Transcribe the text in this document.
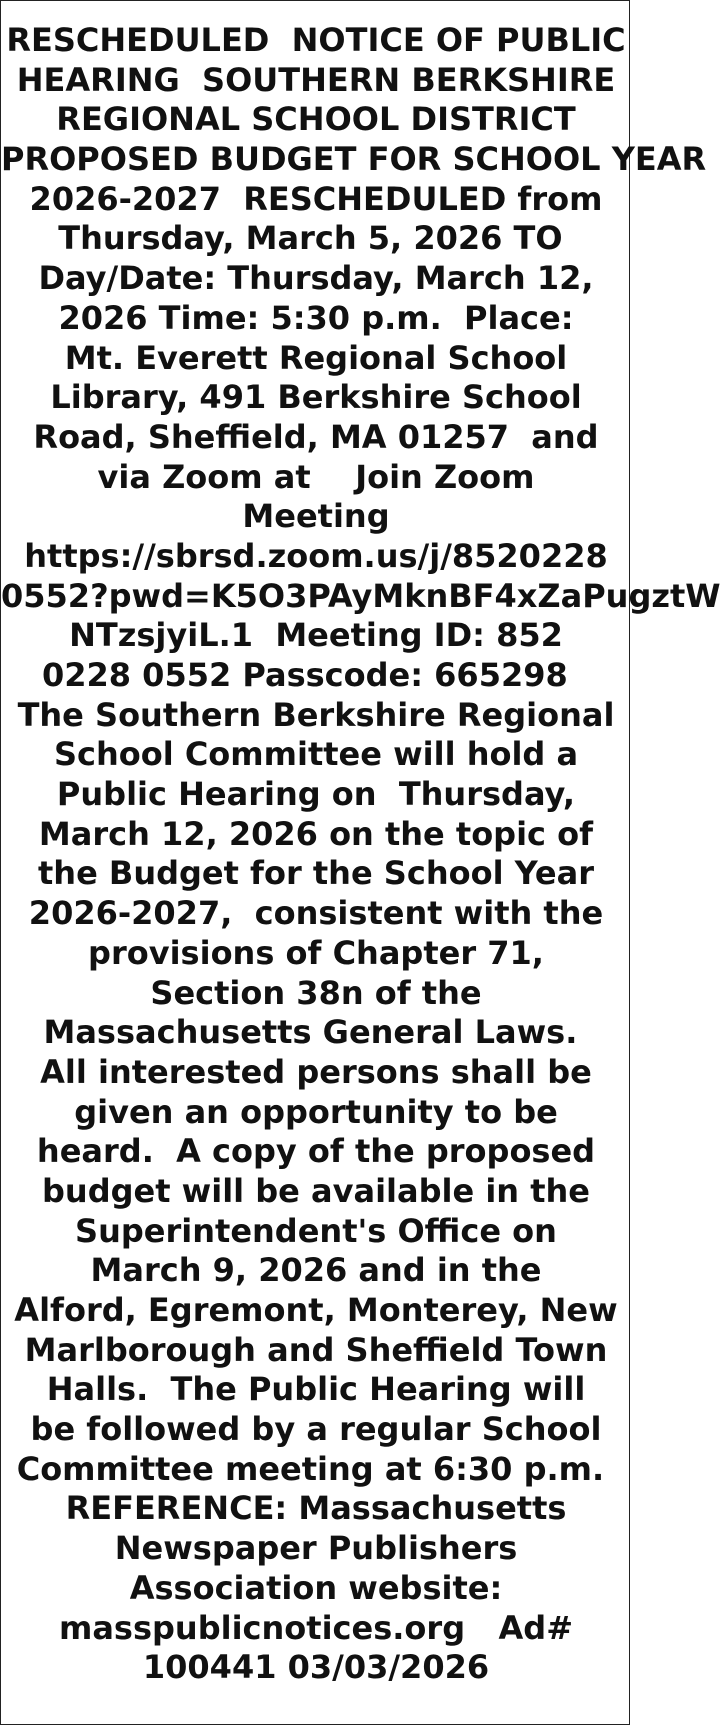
RESCHEDULED  NOTICE OF PUBLIC
HEARING  SOUTHERN BERKSHIRE
REGIONAL SCHOOL DISTRICT
PROPOSED BUDGET FOR SCHOOL YEAR
2026-2027  RESCHEDULED from
Thursday, March 5, 2026 TO
Day/Date: Thursday, March 12,
2026 Time: 5:30 p.m.  Place:
Mt. Everett Regional School
Library, 491 Berkshire School
Road, Sheffield, MA 01257  and
via Zoom at    Join Zoom
Meeting
https://sbrsd.zoom.us/j/8520228
0552?pwd=K5O3PAyMknBF4xZaPugztW
NTzsjyiL.1  Meeting ID: 852
0228 0552 Passcode: 665298
The Southern Berkshire Regional
School Committee will hold a
Public Hearing on  Thursday,
March 12, 2026 on the topic of
the Budget for the School Year
2026-2027,  consistent with the
provisions of Chapter 71,
Section 38n of the
Massachusetts General Laws.
All interested persons shall be
given an opportunity to be
heard.  A copy of the proposed
budget will be available in the
Superintendent's Office on
March 9, 2026 and in the
Alford, Egremont, Monterey, New
Marlborough and Sheffield Town
Halls.  The Public Hearing will
be followed by a regular School
Committee meeting at 6:30 p.m.
REFERENCE: Massachusetts
Newspaper Publishers
Association website:
masspublicnotices.org   Ad#
100441 03/03/2026
